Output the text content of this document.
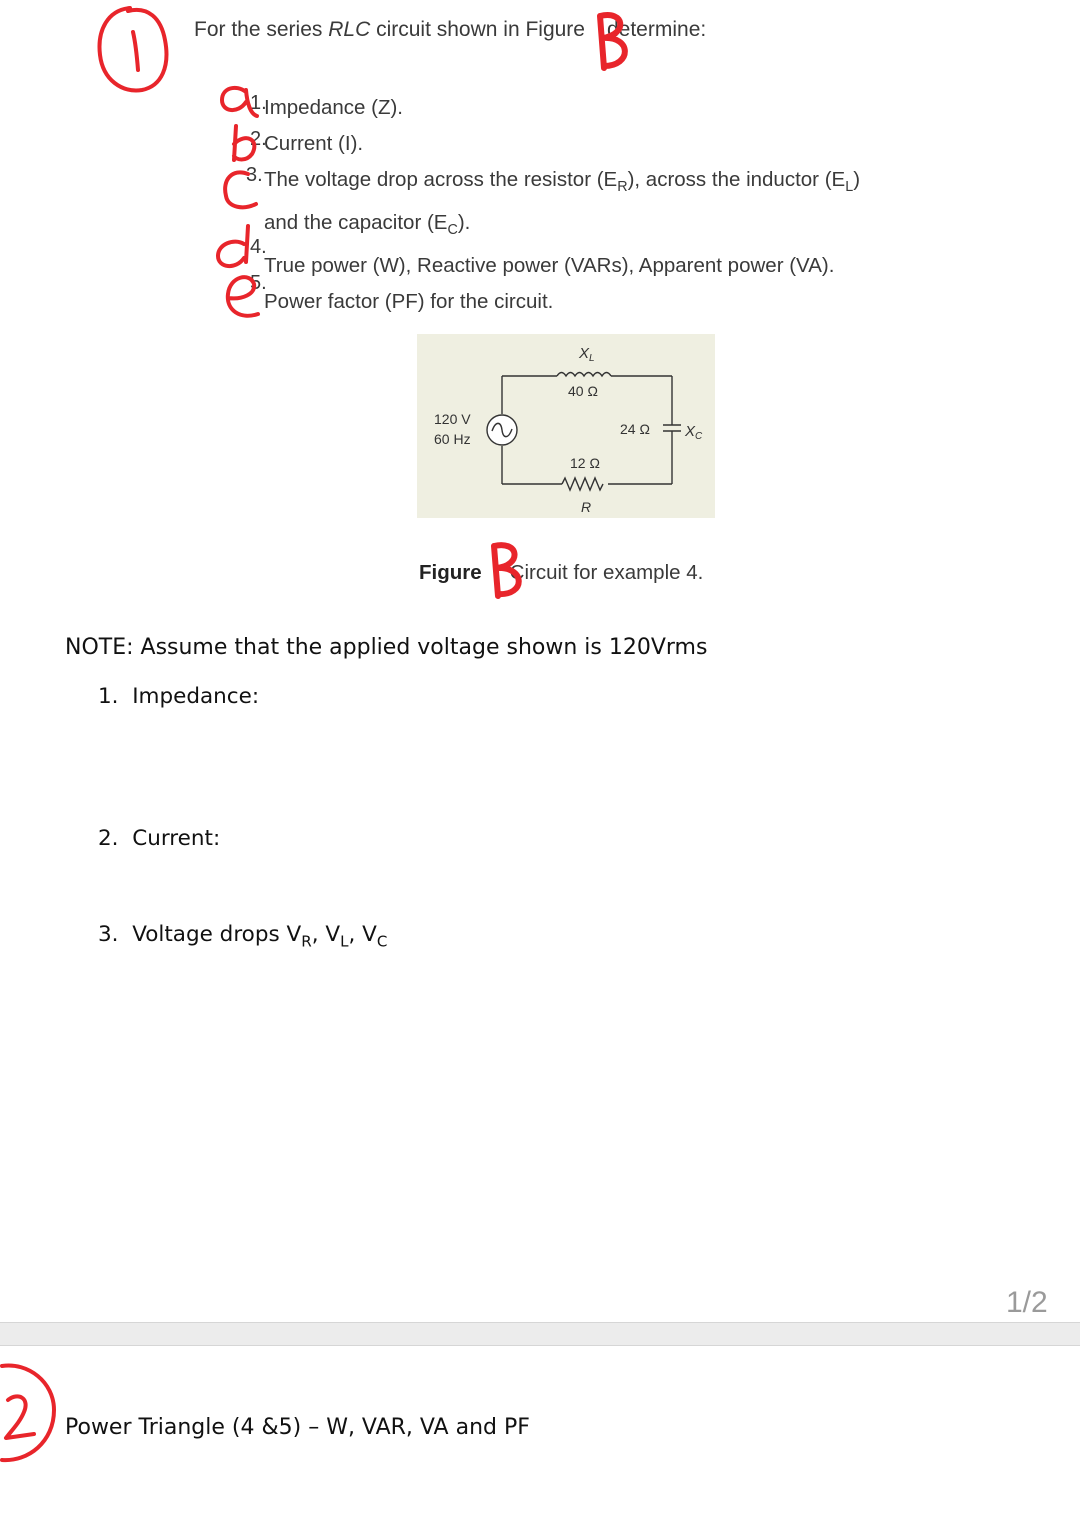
For the series RLC circuit shown in Figure determine:
Impedance (Z).
Current (I).
The voltage drop across the resistor $(E_R)$, across the inductor $(E_L)$
and the capacitor $(E_C)$.
True power (W), Reactive power (VARs), Apparent power (VA).
Power factor (PF) for the circuit.
1.
2.
3.
4.
5.
$X_L$
40 Ω
120 V
60 Hz
24 Ω $X_C$
12 Ω
R
Figure Circuit for example 4.
NOTE: Assume that the applied voltage shown is 120Vrms
1. Impedance:
2. Current:
3. Voltage drops $V_R$, $V_L$, $V_C$
1/2
Power Triangle (4 &5) – W, VAR, VA and PF
